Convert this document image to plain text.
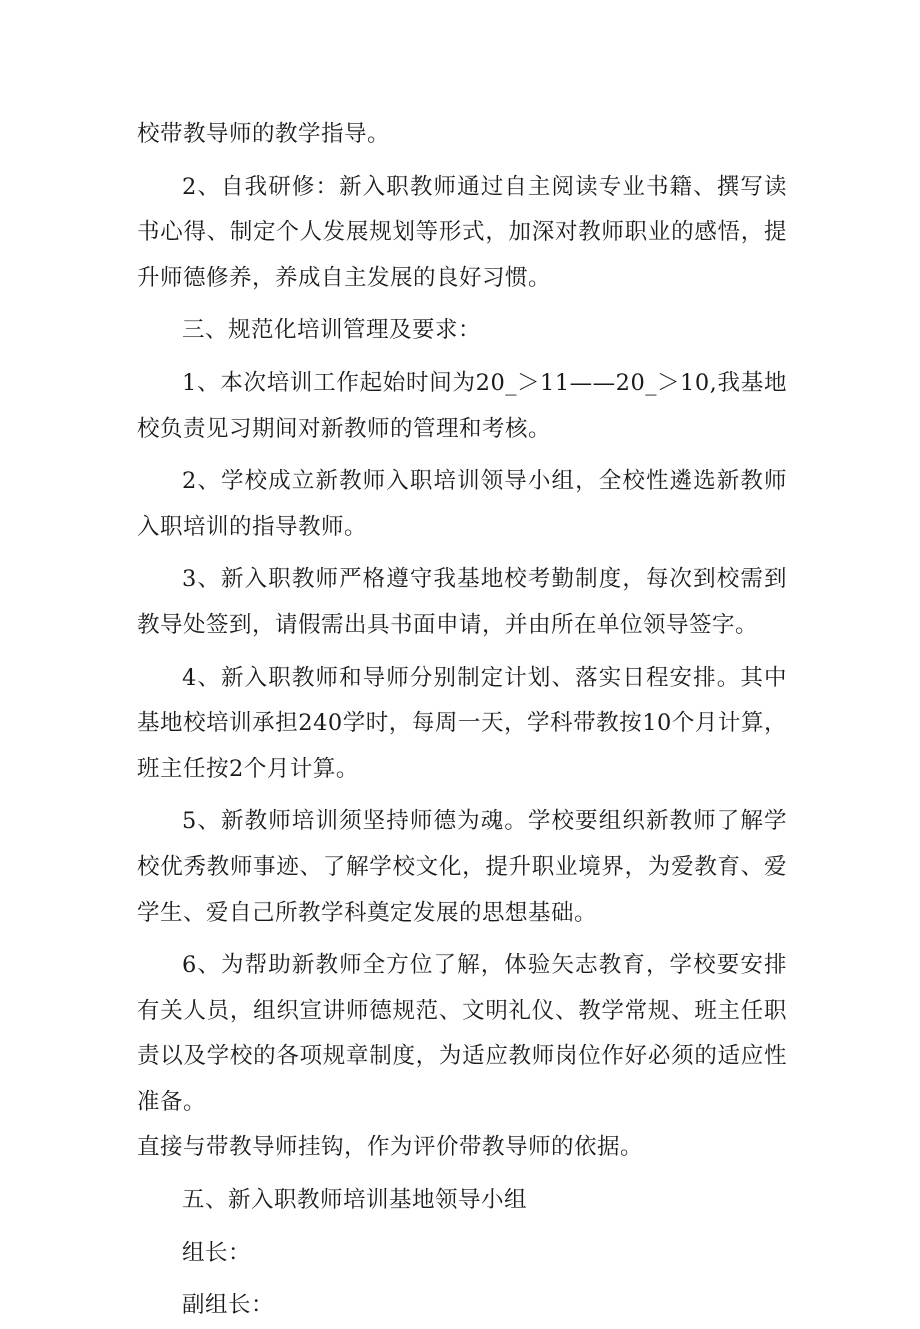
校带教导师的教学指导。

2、自我研修：新入职教师通过自主阅读专业书籍、撰写读书心得、制定个人发展规划等形式，加深对教师职业的感悟，提升师德修养，养成自主发展的良好习惯。

三、规范化培训管理及要求：

1、本次培训工作起始时间为20_＞11——20_＞10,我基地校负责见习期间对新教师的管理和考核。

2、学校成立新教师入职培训领导小组，全校性遴选新教师入职培训的指导教师。

3、新入职教师严格遵守我基地校考勤制度，每次到校需到教导处签到，请假需出具书面申请，并由所在单位领导签字。

4、新入职教师和导师分别制定计划、落实日程安排。其中基地校培训承担240学时，每周一天，学科带教按10个月计算，班主任按2个月计算。

5、新教师培训须坚持师德为魂。学校要组织新教师了解学校优秀教师事迹、了解学校文化，提升职业境界，为爱教育、爱学生、爱自己所教学科奠定发展的思想基础。

6、为帮助新教师全方位了解，体验矢志教育，学校要安排有关人员，组织宣讲师德规范、文明礼仪、教学常规、班主任职责以及学校的各项规章制度，为适应教师岗位作好必须的适应性准备。

直接与带教导师挂钩，作为评价带教导师的依据。

五、新入职教师培训基地领导小组

组长：

副组长：
